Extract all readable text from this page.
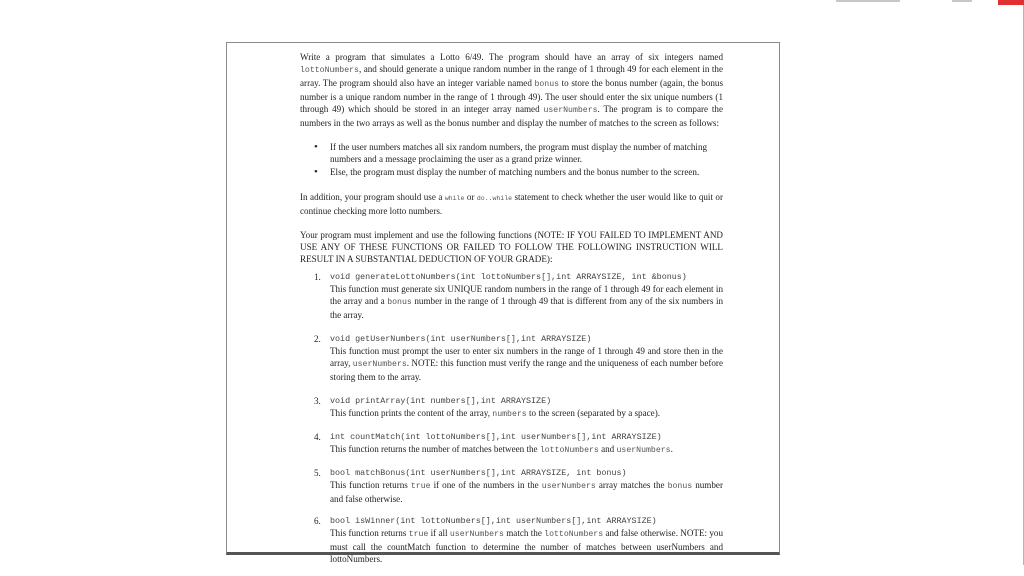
Write a program that simulates a Lotto 6/49. The program should have an array of six integers named lottoNumbers, and should generate a unique random number in the range of 1 through 49 for each element in the array. The program should also have an integer variable named bonus to store the bonus number (again, the bonus number is a unique random number in the range of 1 through 49). The user should enter the six unique numbers (1 through 49) which should be stored in an integer array named userNumbers. The program is to compare the numbers in the two arrays as well as the bonus number and display the number of matches to the screen as follows:

• If the user numbers matches all six random numbers, the program must display the number of matching numbers and a message proclaiming the user as a grand prize winner.
• Else, the program must display the number of matching numbers and the bonus number to the screen.

In addition, your program should use a while or do..while statement to check whether the user would like to quit or continue checking more lotto numbers.

Your program must implement and use the following functions (NOTE: IF YOU FAILED TO IMPLEMENT AND USE ANY OF THESE FUNCTIONS OR FAILED TO FOLLOW THE FOLLOWING INSTRUCTION WILL RESULT IN A SUBSTANTIAL DEDUCTION OF YOUR GRADE):

1. void generateLottoNumbers(int lottoNumbers[],int ARRAYSIZE, int &bonus)
This function must generate six UNIQUE random numbers in the range of 1 through 49 for each element in the array and a bonus number in the range of 1 through 49 that is different from any of the six numbers in the array.
2. void getUserNumbers(int userNumbers[],int ARRAYSIZE)
This function must prompt the user to enter six numbers in the range of 1 through 49 and store then in the array, userNumbers. NOTE: this function must verify the range and the uniqueness of each number before storing them to the array.
3. void printArray(int numbers[],int ARRAYSIZE)
This function prints the content of the array, numbers to the screen (separated by a space).
4. int countMatch(int lottoNumbers[],int userNumbers[],int ARRAYSIZE)
This function returns the number of matches between the lottoNumbers and userNumbers.
5. bool matchBonus(int userNumbers[],int ARRAYSIZE, int bonus)
This function returns true if one of the numbers in the userNumbers array matches the bonus number and false otherwise.
6. bool isWinner(int lottoNumbers[],int userNumbers[],int ARRAYSIZE)
This function returns true if all userNumbers match the lottoNumbers and false otherwise. NOTE: you must call the countMatch function to determine the number of matches between userNumbers and lottoNumbers.
